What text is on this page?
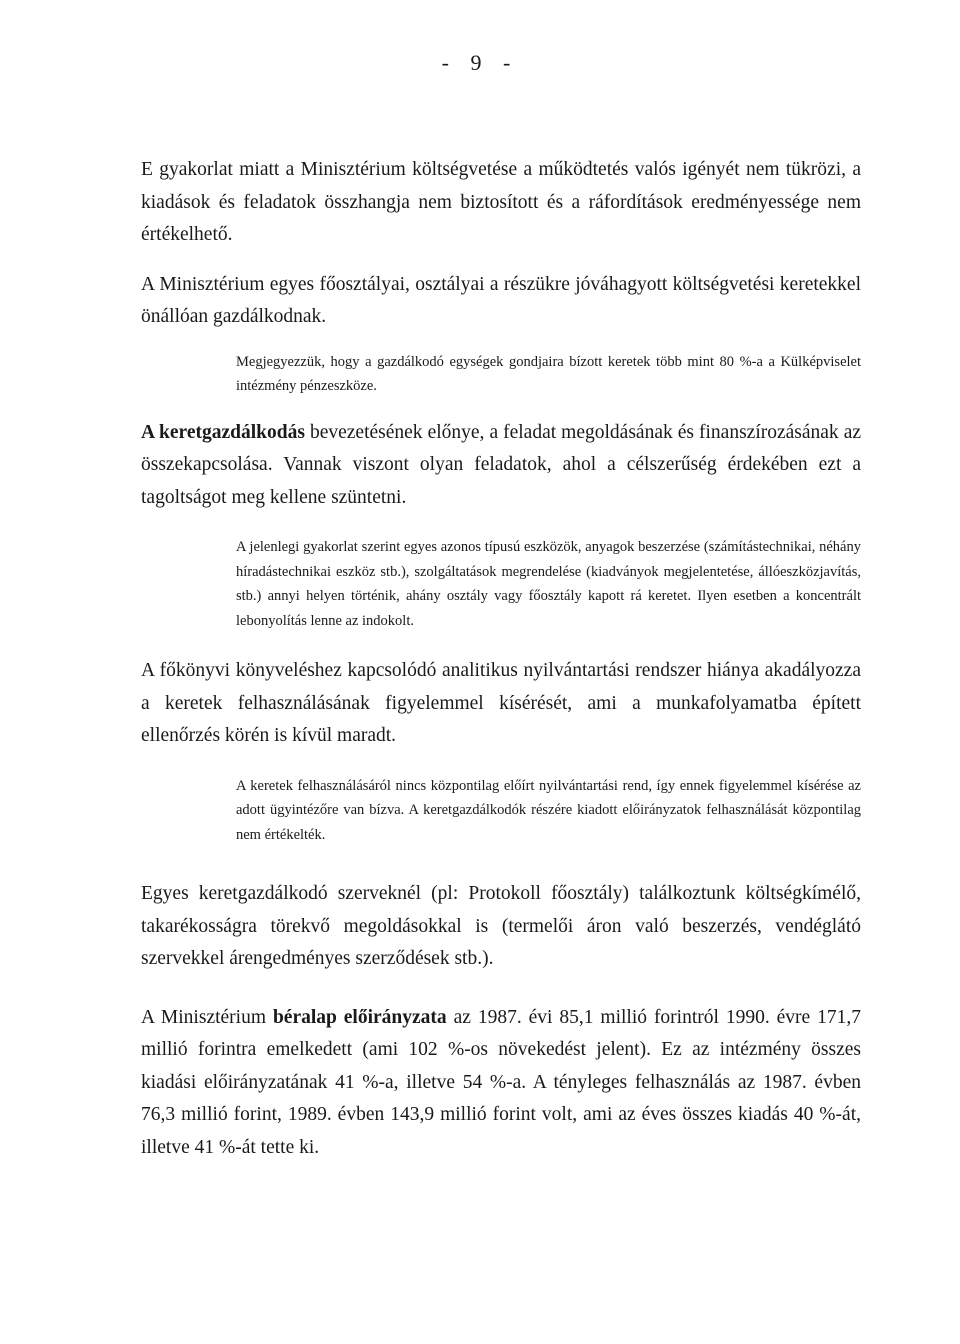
- 9 -

E gyakorlat miatt a Minisztérium költségvetése a működtetés valós igényét nem tükrözi, a kiadások és feladatok összhangja nem biztosított és a ráfordítások eredményessége nem értékelhető.

A Minisztérium egyes főosztályai, osztályai a részükre jóváhagyott költségvetési keretekkel önállóan gazdálkodnak.

Megjegyezzük, hogy a gazdálkodó egységek gondjaira bízott keretek több mint 80 %-a a Külképviselet intézmény pénzeszköze.

A keretgazdálkodás bevezetésének előnye, a feladat megoldásának és finanszírozásának az összekapcsolása. Vannak viszont olyan feladatok, ahol a célszerűség érdekében ezt a tagoltságot meg kellene szüntetni.

A jelenlegi gyakorlat szerint egyes azonos típusú eszközök, anyagok beszerzése (számítástechnikai, néhány híradástechnikai eszköz stb.), szolgáltatások megrendelése (kiadványok megjelentetése, állóeszközjavítás, stb.) annyi helyen történik, ahány osztály vagy főosztály kapott rá keretet. Ilyen esetben a koncentrált lebonyolítás lenne az indokolt.

A főkönyvi könyveléshez kapcsolódó analitikus nyilvántartási rendszer hiánya akadályozza a keretek felhasználásának figyelemmel kísérését, ami a munkafolyamatba épített ellenőrzés körén is kívül maradt.

A keretek felhasználásáról nincs központilag előírt nyilvántartási rend, így ennek figyelemmel kísérése az adott ügyintézőre van bízva. A keretgazdálkodók részére kiadott előirányzatok felhasználását központilag nem értékelték.

Egyes keretgazdálkodó szerveknél (pl: Protokoll főosztály) találkoztunk költségkímélő, takarékosságra törekvő megoldásokkal is (termelői áron való beszerzés, vendéglátó szervekkel árengedményes szerződések stb.).

A Minisztérium béralap előirányzata az 1987. évi 85,1 millió forintról 1990. évre 171,7 millió forintra emelkedett (ami 102 %-os növekedést jelent). Ez az intézmény összes kiadási előirányzatának 41 %-a, illetve 54 %-a. A tényleges felhasználás az 1987. évben 76,3 millió forint, 1989. évben 143,9 millió forint volt, ami az éves összes kiadás 40 %-át, illetve 41 %-át tette ki.
